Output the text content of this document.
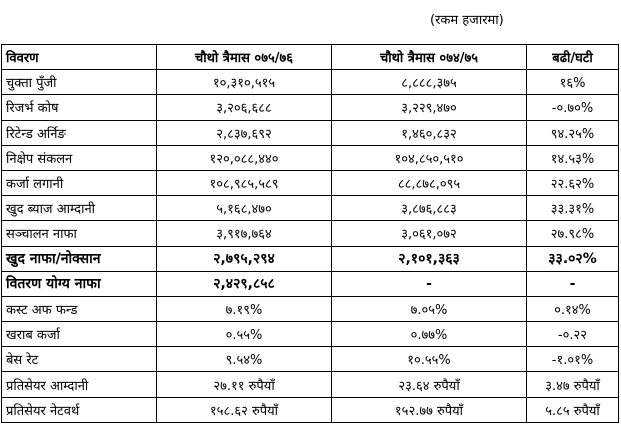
(रकम हजारमा)
विवरण	चौथो त्रैमास ०७५/७६	चौथो त्रैमास ०७४/७५	बढी/घटी
चुक्ता पुँजी	१०,३१०,५१५	८,८८८,३७५	१६%
रिजर्भ कोष	३,२०६,६८८	३,२२९,४७०	-०.७०%
रिटेन्ड अर्निङ	२,८३७,६९२	१,४६०,८३२	९४.२५%
निक्षेप संकलन	१२०,०८८,४४०	१०४,८५०,५१०	१४.५३%
कर्जा लगानी	१०८,९८५,५८९	८८,८७८,०९५	२२.६२%
खुद ब्याज आम्दानी	५,१६८,४७०	३,८७६,८८३	३३.३१%
सञ्चालन नाफा	३,९१७,७६४	३,०६१,०७२	२७.९८%
खुद नाफा/नोक्सान	२,७९५,२९४	२,१०१,३६३	३३.०२%
वितरण योग्य नाफा	२,४२९,८५८	-	-
कस्ट अफ फन्ड	७.१९%	७.०५%	०.१४%
खराब कर्जा	०.५५%	०.७७%	-०.२२
बेस रेट	९.५४%	१०.५५%	-१.०१%
प्रतिसेयर आम्दानी	२७.११ रुपैयाँ	२३.६४ रुपैयाँ	३.४७ रुपैयाँ
प्रतिसेयर नेटवर्थ	१५८.६२ रुपैयाँ	१५२.७७ रुपैयाँ	५.८५ रुपैयाँ
